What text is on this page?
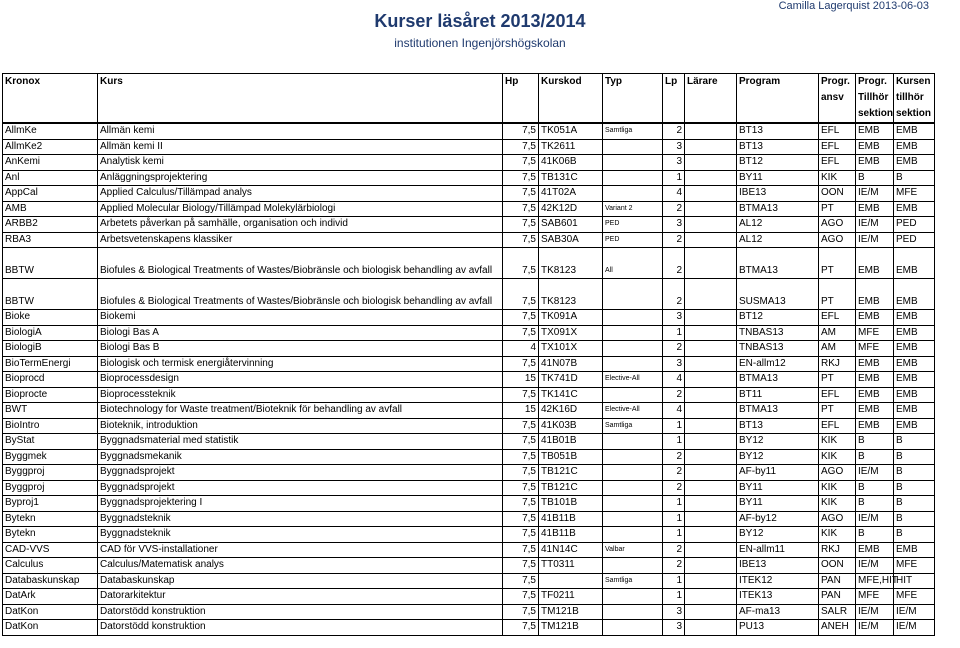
Kurser läsåret 2013/2014
institutionen Ingenjörshögskolan
Camilla Lagerquist 2013-06-03
Kronox	Kurs	Hp	Kurskod	Typ	Lp	Lärare	Program	Progr. ansv	Progr. Tillhör sektion	Kursen tillhör sektion
AllmKe	Allmän kemi	7,5	TK051A	Samtliga	2		BT13	EFL	EMB	EMB
AllmKe2	Allmän kemi II	7,5	TK2611		3		BT13	EFL	EMB	EMB
AnKemi	Analytisk kemi	7,5	41K06B		3		BT12	EFL	EMB	EMB
Anl	Anläggningsprojektering	7,5	TB131C		1		BY11	KIK	B	B
AppCal	Applied Calculus/Tillämpad analys	7,5	41T02A		4		IBE13	OON	IE/M	MFE
AMB	Applied Molecular Biology/Tillämpad Molekylärbiologi	7,5	42K12D	Variant 2	2		BTMA13	PT	EMB	EMB
ARBB2	Arbetets påverkan på samhälle, organisation och individ	7,5	SAB601	PED	3		AL12	AGO	IE/M	PED
RBA3	Arbetsvetenskapens klassiker	7,5	SAB30A	PED	2		AL12	AGO	IE/M	PED
BBTW	Biofules & Biological Treatments of Wastes/Biobränsle och biologisk behandling av avfall	7,5	TK8123	All	2		BTMA13	PT	EMB	EMB
BBTW	Biofules & Biological Treatments of Wastes/Biobränsle och biologisk behandling av avfall	7,5	TK8123		2		SUSMA13	PT	EMB	EMB
Bioke	Biokemi	7,5	TK091A		3		BT12	EFL	EMB	EMB
BiologiA	Biologi Bas A	7,5	TX091X		1		TNBAS13	AM	MFE	EMB
BiologiB	Biologi Bas B	4	TX101X		2		TNBAS13	AM	MFE	EMB
BioTermEnergi	Biologisk och termisk energiåtervinning	7,5	41N07B		3		EN-allm12	RKJ	EMB	EMB
Bioprocd	Bioprocessdesign	15	TK741D	Elective-All	4		BTMA13	PT	EMB	EMB
Bioprocte	Bioprocessteknik	7,5	TK141C		2		BT11	EFL	EMB	EMB
BWT	Biotechnology for Waste treatment/Bioteknik för behandling av avfall	15	42K16D	Elective-All	4		BTMA13	PT	EMB	EMB
BioIntro	Bioteknik, introduktion	7,5	41K03B	Samtliga	1		BT13	EFL	EMB	EMB
ByStat	Byggnadsmaterial med statistik	7,5	41B01B		1		BY12	KIK	B	B
Byggmek	Byggnadsmekanik	7,5	TB051B		2		BY12	KIK	B	B
Byggproj	Byggnadsprojekt	7,5	TB121C		2		AF-by11	AGO	IE/M	B
Byggproj	Byggnadsprojekt	7,5	TB121C		2		BY11	KIK	B	B
Byproj1	Byggnadsprojektering I	7,5	TB101B		1		BY11	KIK	B	B
Bytekn	Byggnadsteknik	7,5	41B11B		1		AF-by12	AGO	IE/M	B
Bytekn	Byggnadsteknik	7,5	41B11B		1		BY12	KIK	B	B
CAD-VVS	CAD för VVS-installationer	7,5	41N14C	Valbar	2		EN-allm11	RKJ	EMB	EMB
Calculus	Calculus/Matematisk analys	7,5	TT0311		2		IBE13	OON	IE/M	MFE
Databaskunskap	Databaskunskap	7,5		Samtliga	1		ITEK12	PAN	MFE,HIT	HIT
DatArk	Datorarkitektur	7,5	TF0211		1		ITEK13	PAN	MFE	MFE
DatKon	Datorstödd konstruktion	7,5	TM121B		3		AF-ma13	SALR	IE/M	IE/M
DatKon	Datorstödd konstruktion	7,5	TM121B		3		PU13	ANEH	IE/M	IE/M
